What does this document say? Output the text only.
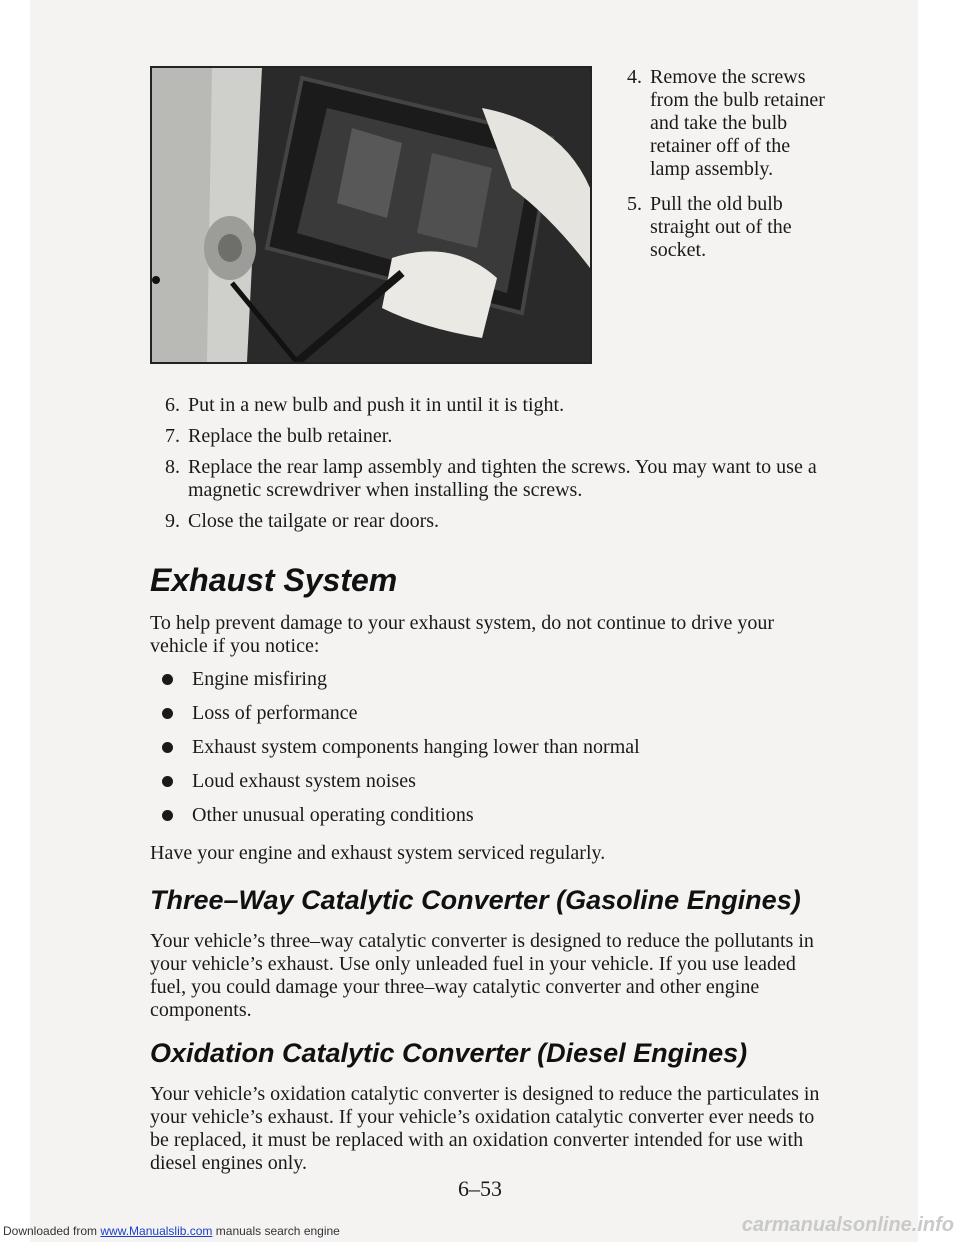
4. Remove the screws from the bulb retainer and take the bulb retainer off of the lamp assembly.
5. Pull the old bulb straight out of the socket.
6. Put in a new bulb and push it in until it is tight.
7. Replace the bulb retainer.
8. Replace the rear lamp assembly and tighten the screws. You may want to use a magnetic screwdriver when installing the screws.
9. Close the tailgate or rear doors.
Exhaust System

To help prevent damage to your exhaust system, do not continue to drive your vehicle if you notice:

Engine misfiring
Loss of performance
Exhaust system components hanging lower than normal
Loud exhaust system noises
Other unusual operating conditions

Have your engine and exhaust system serviced regularly.

Three–Way Catalytic Converter (Gasoline Engines)

Your vehicle’s three–way catalytic converter is designed to reduce the pollutants in your vehicle’s exhaust. Use only unleaded fuel in your vehicle. If you use leaded fuel, you could damage your three–way catalytic converter and other engine components.

Oxidation Catalytic Converter (Diesel Engines)

Your vehicle’s oxidation catalytic converter is designed to reduce the particulates in your vehicle’s exhaust. If your vehicle’s oxidation catalytic converter ever needs to be replaced, it must be replaced with an oxidation converter intended for use with diesel engines only.

6–53
Downloaded from www.Manualslib.com manuals search engine	carmanualsonline.info
